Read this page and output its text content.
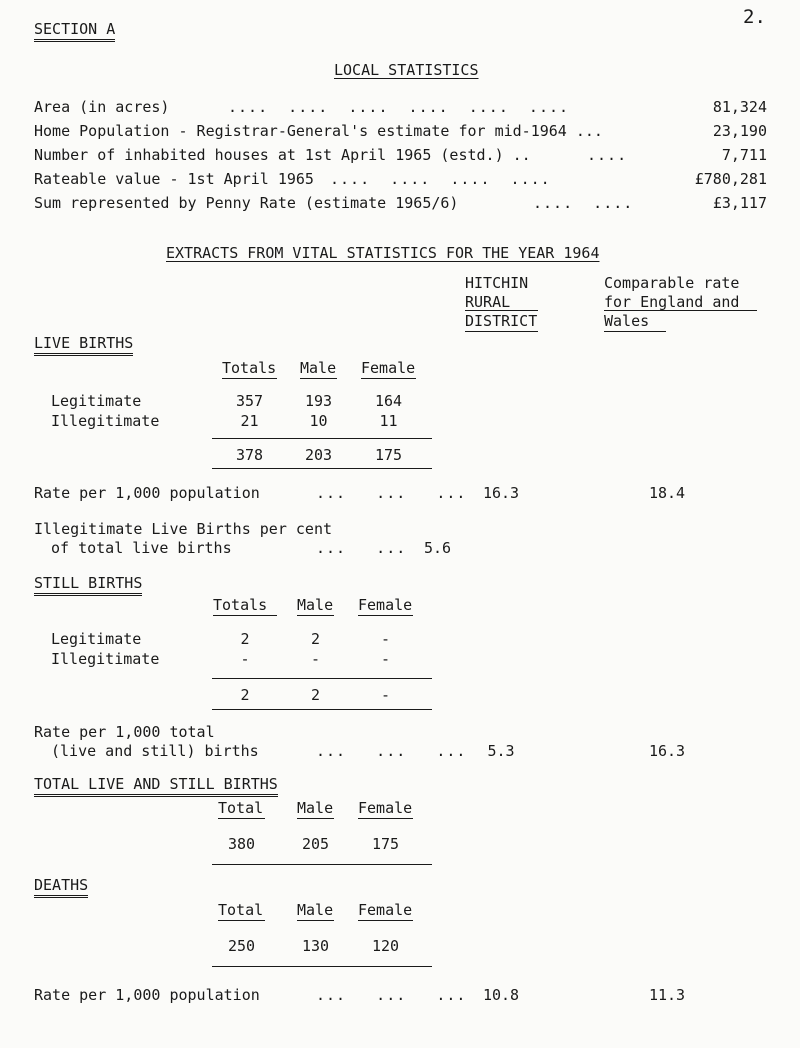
SECTION A
2.
LOCAL STATISTICS
Area (in acres)	....  ....  ....  ....  ....  ....	81,324
Home Population - Registrar-General's estimate for mid-1964 ...	23,190
Number of inhabited houses at 1st April 1965 (estd.) ..	....	7,711
Rateable value - 1st April 1965 ....  ....  ....  ....	£780,281
Sum represented by Penny Rate (estimate 1965/6)	....  ....	£3,117
EXTRACTS FROM VITAL STATISTICS FOR THE YEAR 1964
HITCHIN
RURAL
DISTRICT
Comparable rate
for England and
Wales
LIVE BIRTHS
Totals Male Female
Legitimate	357	193	164
Illegitimate	21	10	11
378	203	175
Rate per 1,000 population	...   ...   ...	16.3	18.4
Illegitimate Live Births per cent
of total live births	...   ... 5.6
STILL BIRTHS
Totals Male Female
Legitimate	2	2	-
Illegitimate	-	-	-
2	2	-
Rate per 1,000 total
(live and still) births	...   ...   ...	5.3	16.3
TOTAL LIVE AND STILL BIRTHS
Total Male Female
380	205	175
DEATHS
Total Male Female
250	130	120
Rate per 1,000 population	...   ...   ...	10.8	11.3
